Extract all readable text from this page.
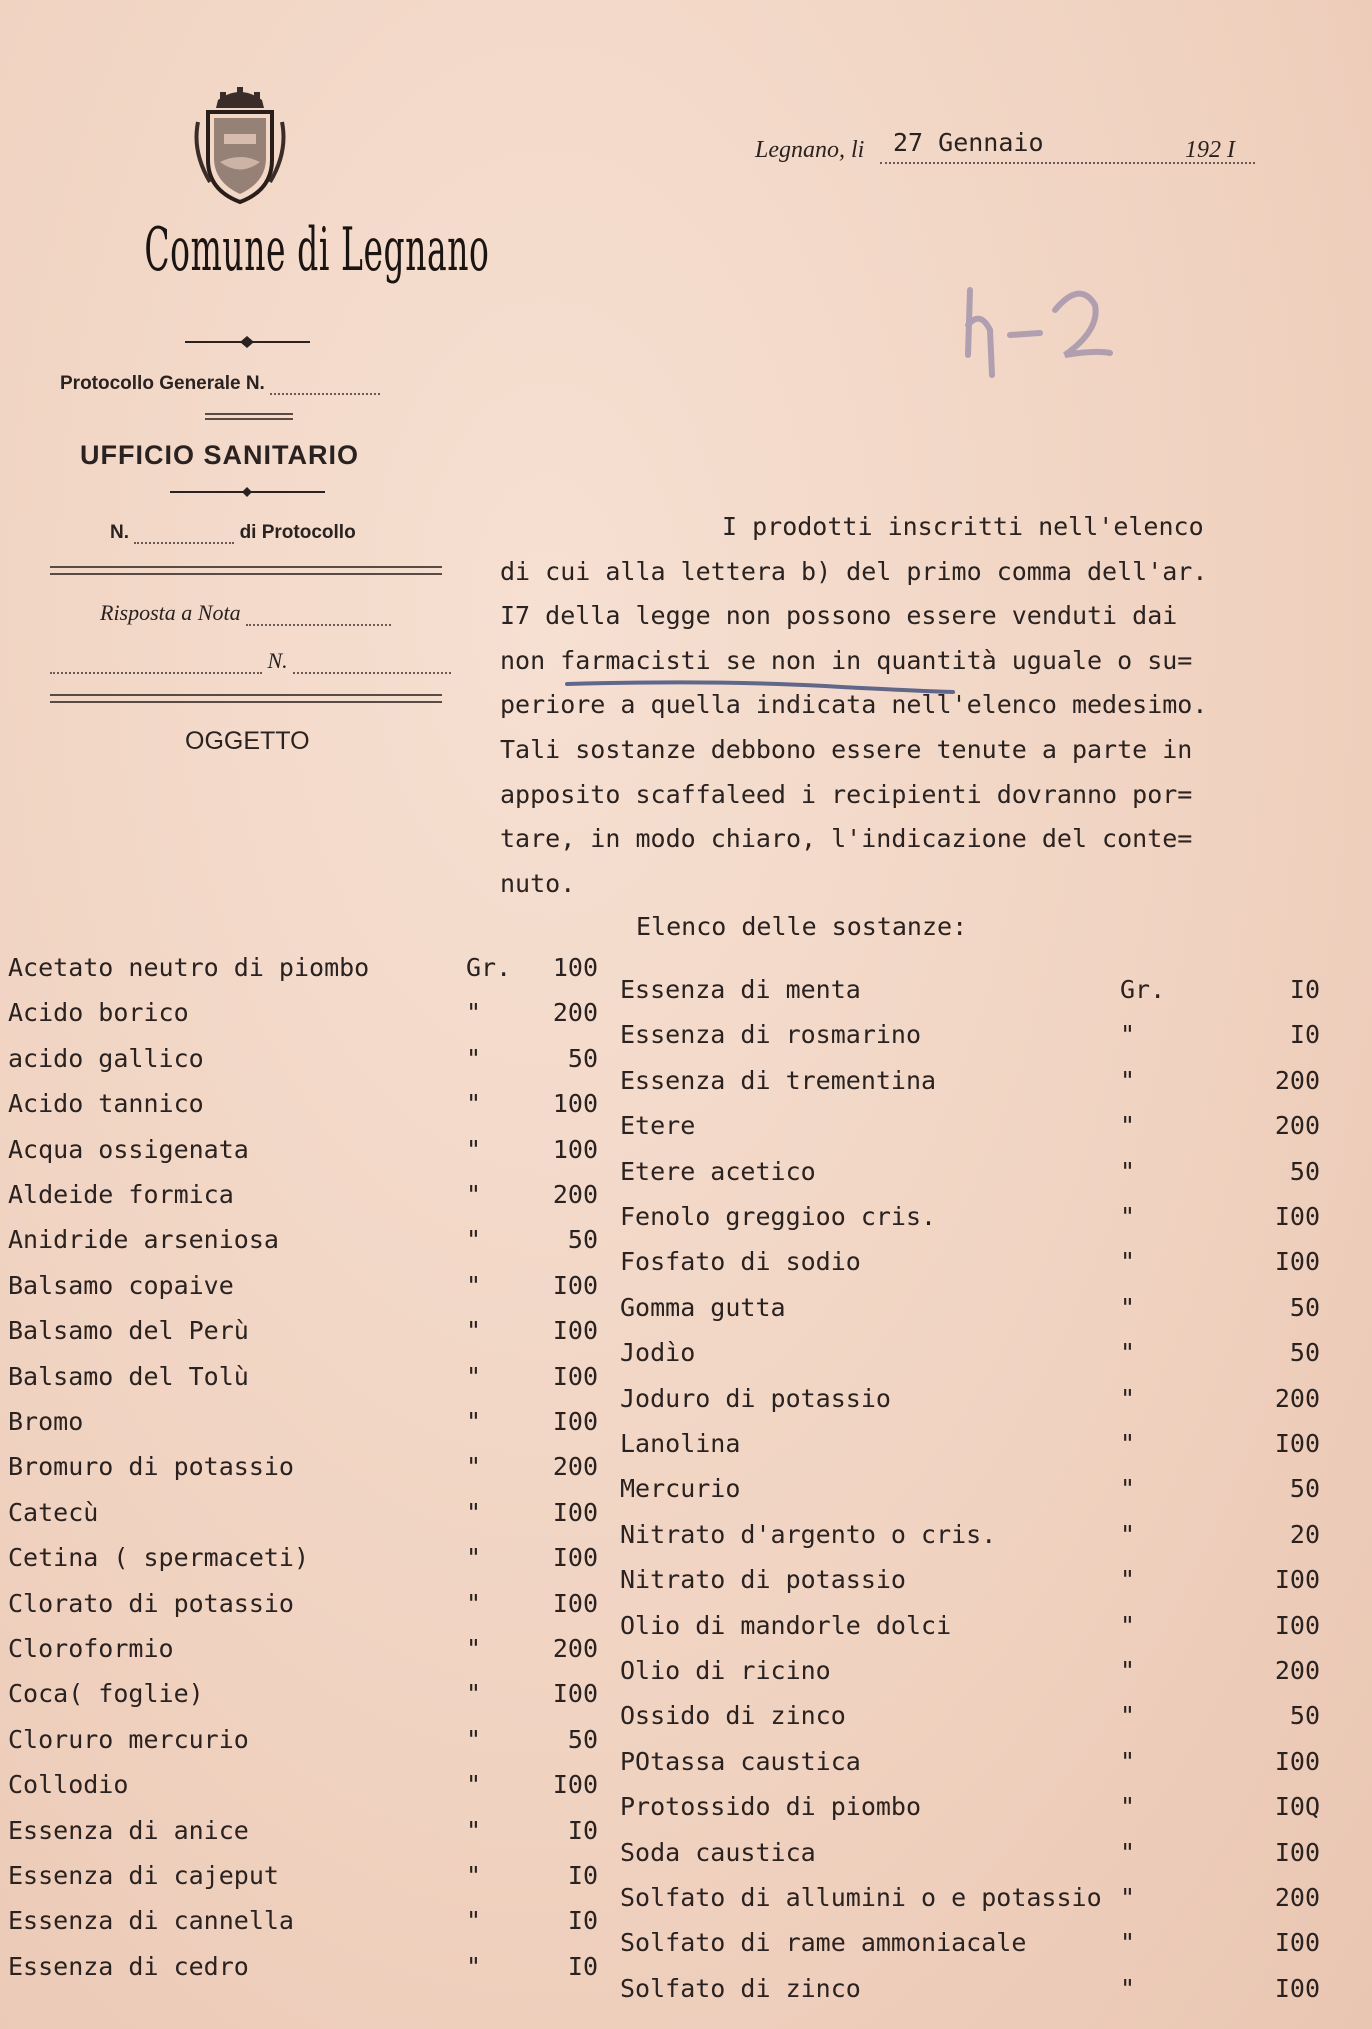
Comune di Legnano
Protocollo Generale N.
UFFICIO SANITARIO
N.	di Protocollo
Risposta a Nota
N.
OGGETTO
Legnano, li 27 Gennaio	192 I
I prodotti inscritti nell'elenco
di cui alla lettera b) del primo comma dell'ar.
I7 della legge non possono essere venduti dai
non farmacisti se non in quantità uguale o su=
periore a quella indicata nell'elenco medesimo.
Tali sostanze debbono essere tenute a parte in
apposito scaffaleed i recipienti dovranno por=
tare, in modo chiaro, l'indicazione del conte=
nuto.
Elenco delle sostanze:
Acetato neutro di piombo	Gr.	100
Acido borico	"	200
acido gallico	"	50
Acido tannico	"	100
Acqua ossigenata	"	100
Aldeide formica	"	200
Anidride arseniosa	"	50
Balsamo copaive	"	I00
Balsamo del Perù	"	I00
Balsamo del Tolù	"	I00
Bromo	"	I00
Bromuro di potassio	"	200
Catecù	"	I00
Cetina ( spermaceti)	"	I00
Clorato di potassio	"	I00
Cloroformio	"	200
Coca( foglie)	"	I00
Cloruro mercurio	"	50
Collodio	"	I00
Essenza di anice	"	I0
Essenza di cajeput	"	I0
Essenza di cannella	"	I0
Essenza di cedro	"	I0
Essenza di menta	Gr.	I0
Essenza di rosmarino	"	I0
Essenza di trementina	"	200
Etere	"	200
Etere acetico	"	50
Fenolo greggioo cris.	"	I00
Fosfato di sodio	"	I00
Gomma gutta	"	50
Jodìo	"	50
Joduro di potassio	"	200
Lanolina	"	I00
Mercurio	"	50
Nitrato d'argento o cris.	"	20
Nitrato di potassio	"	I00
Olio di mandorle dolci	"	I00
Olio di ricino	"	200
Ossido di zinco	"	50
POtassa caustica	"	I00
Protossido di piombo	"	I0Q
Soda caustica	"	I00
Solfato di allumini o e potassio "	200
Solfato di rame ammoniacale	"	I00
Solfato di zinco	"	I00
